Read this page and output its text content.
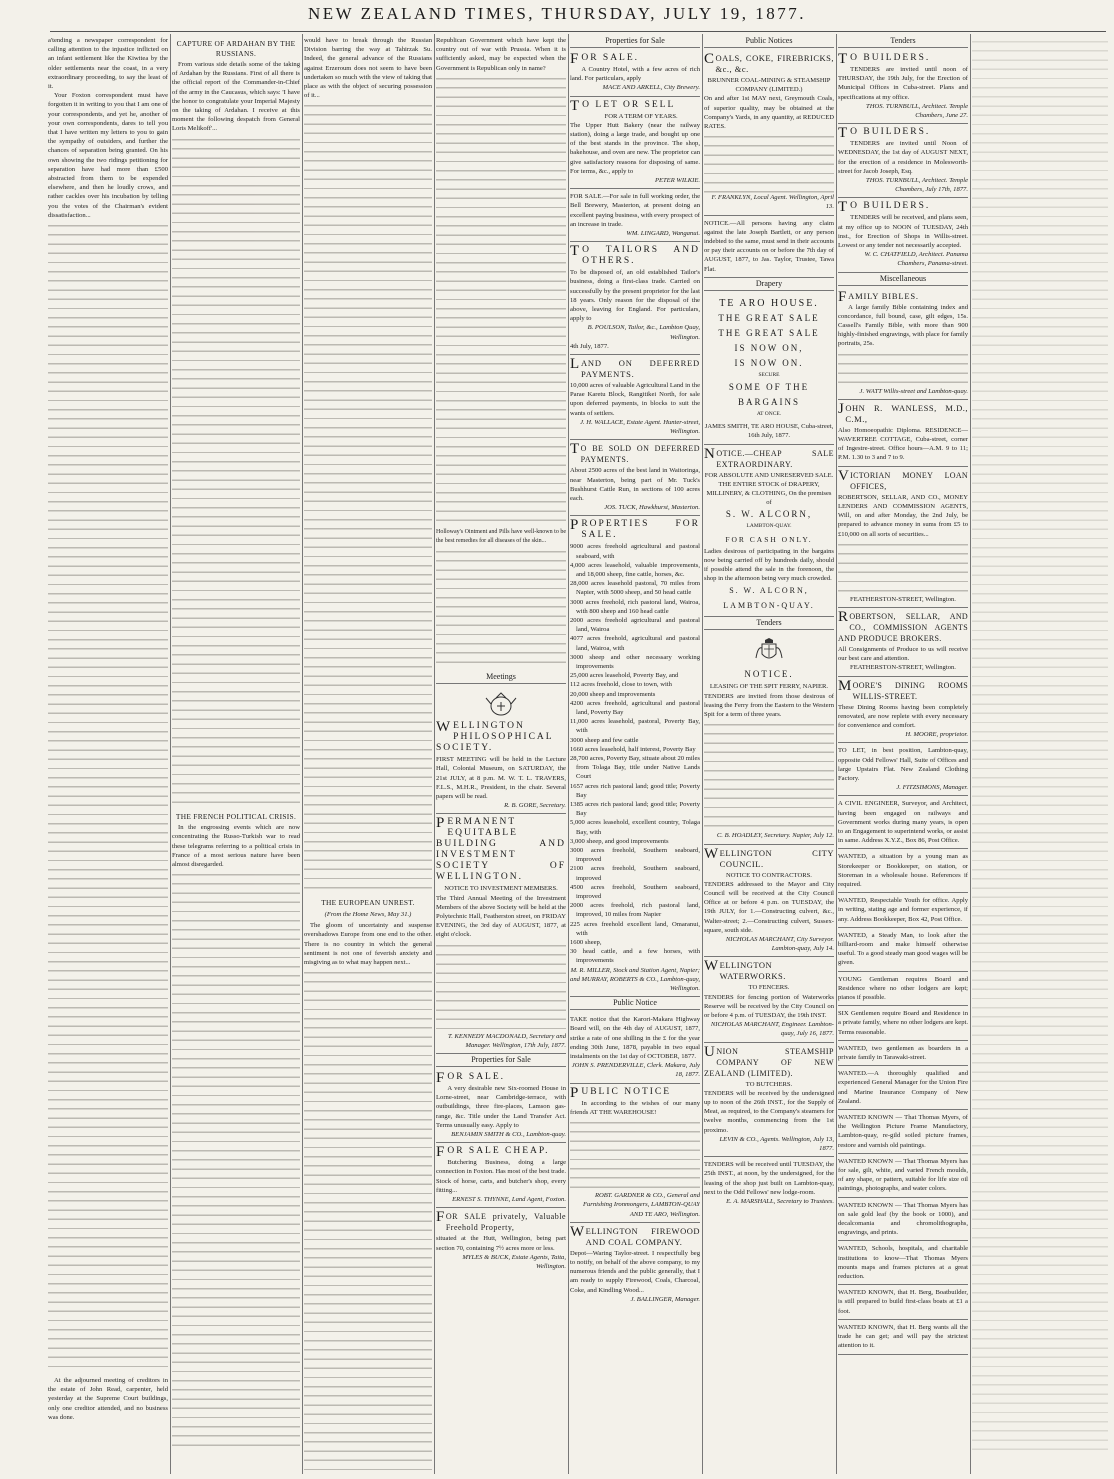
NEW ZEALAND TIMES, THURSDAY, JULY 19, 1877.

a'tending a newspaper correspondent for calling attention to the injustice inflicted on an infant settlement like the Kiwitea by the older settlements near the coast, in a very extraordinary proceeding, to say the least of it.

Your Foxton correspondent must have forgotten it in writing to you that I am one of your correspondents, and yet he, another of your own correspondents, dares to tell you that I have written my letters to you to gain the sympathy of outsiders, and further the chances of separation being granted. On his own showing the two ridings petitioning for separation have had more than £500 abstracted from them to be expended elsewhere, and then he loudly crows, and rather cackles over his incubation by telling you the votes of the Chairman's evident dissatisfaction...

At the adjourned meeting of creditors in the estate of John Read, carpenter, held yesterday at the Supreme Court buildings, only one creditor attended, and no business was done.

CAPTURE OF ARDAHAN BY THE RUSSIANS.

From various side details some of the taking of Ardahan by the Russians. First of all there is the official report of the Commander-in-Chief of the army in the Caucasus, which says: 'I have the honor to congratulate your Imperial Majesty on the taking of Ardahan. I receive at this moment the following despatch from General Loris Melikoff'...

THE FRENCH POLITICAL CRISIS.

In the engrossing events which are now concentrating the Russo-Turkish war to read these telegrams referring to a political crisis in France of a most serious nature have been almost disregarded.

would have to break through the Russian Division barring the way at Tahirzak Su. Indeed, the general advance of the Russians against Erzeroum does not seem to have been undertaken so much with the view of taking that place as with the object of securing possession of it...

THE EUROPEAN UNREST.
(From the Home News, May 31.)

The gloom of uncertainty and suspense overshadows Europe from one end to the other. There is no country in which the general sentiment is not one of feverish anxiety and misgiving as to what may happen next...

Republican Government which have kept the country out of war with Prussia. When it is sufficiently asked, may be expected when the Government is Republican only in name?

Holloway's Ointment and Pills have well-known to be the best remedies for all diseases of the skin...

Meetings
WELLINGTON PHILOSOPHICAL SOCIETY.
FIRST MEETING will be held in the Lecture Hall, Colonial Museum, on SATURDAY, the 21st JULY, at 8 p.m. M. W. T. L. TRAVERS, F.L.S., M.H.R., President, in the chair. Several papers will be read.
R. B. GORE, Secretary.
PERMANENT EQUITABLE BUILDING AND INVESTMENT SOCIETY OF WELLINGTON.
NOTICE TO INVESTMENT MEMBERS.
The Third Annual Meeting of the Investment Members of the above Society will be held at the Polytechnic Hall, Featherston street, on FRIDAY EVENING, the 3rd day of AUGUST, 1877, at eight o'clock.
T. KENNEDY MACDONALD, Secretary and Manager. Wellington, 17th July, 1877.
Properties for Sale
FOR SALE.
A very desirable new Six-roomed House in Lorne-street, near Cambridge-terrace, with outbuildings, three fire-places, Lamson gas-range, &c. Title under the Land Transfer Act. Terms unusually easy. Apply to
BENJAMIN SMITH & CO., Lambton-quay.
FOR SALE CHEAP.
Butchering Business, doing a large connection in Foxton. Has most of the best trade. Stock of horse, carts, and butcher's shop, every fitting...
ERNEST S. THYNNE, Land Agent, Foxton.
FOR SALE privately, Valuable Freehold Property,
situated at the Hutt, Wellington, being part section 70, containing 7½ acres more or less.
MYLES & BUCK, Estate Agents, Taita, Wellington.
Properties for Sale
FOR SALE.
A Country Hotel, with a few acres of rich land. For particulars, apply
MACE AND ARKELL, City Brewery.
TO LET OR SELL
FOR A TERM OF YEARS.
The Upper Hutt Bakery (near the railway station), doing a large trade, and bought up one of the best stands in the province. The shop, bakehouse, and oven are new. The proprietor can give satisfactory reasons for disposing of same. For terms, &c., apply to
PETER WILKIE.
FOR SALE.—For sale in full working order, the Bell Brewery, Masterton, at present doing an excellent paying business, with every prospect of an increase in trade.
WM. LINGARD, Wanganui.
TO TAILORS AND OTHERS.
To be disposed of, an old established Tailor's business, doing a first-class trade. Carried on successfully by the present proprietor for the last 18 years. Only reason for the disposal of the above, leaving for England. For particulars, apply to
B. POULSON, Tailor, &c., Lambton Quay, Wellington.
4th July, 1877.
LAND ON DEFERRED PAYMENTS.
10,000 acres of valuable Agricultural Land in the Parae Karetu Block, Rangitikei North, for sale upon deferred payments, in blocks to suit the wants of settlers.
J. H. WALLACE, Estate Agent. Hunter-street, Wellington.
TO BE SOLD ON DEFERRED PAYMENTS.
About 2500 acres of the best land in Waitoringa, near Masterton, being part of Mr. Tuck's Bushhurst Cattle Run, in sections of 100 acres each.
JOS. TUCK, Hawkhurst, Masterton.
PROPERTIES FOR SALE.
9000 acres freehold agricultural and pastoral seaboard, with
4,000 acres leasehold, valuable improvements, and 18,000 sheep, fine cattle, horses, &c.
28,000 acres leasehold pastoral, 70 miles from Napier, with 5000 sheep, and 50 head cattle
3000 acres freehold, rich pastoral land, Wairoa, with 800 sheep and 160 head cattle
2000 acres freehold agricultural and pastoral land, Wairoa
4077 acres freehold, agricultural and pastoral land, Wairoa, with
3000 sheep and other necessary working improvements
25,000 acres leasehold, Poverty Bay, and
112 acres freehold, close to town, with
20,000 sheep and improvements
4200 acres freehold, agricultural and pastoral land, Poverty Bay
11,000 acres leasehold, pastoral, Poverty Bay, with
3000 sheep and few cattle
1660 acres leasehold, half interest, Poverty Bay
28,700 acres, Poverty Bay, situate about 20 miles from Tolaga Bay, title under Native Lands Court
1657 acres rich pastoral land; good title; Poverty Bay
1385 acres rich pastoral land; good title; Poverty Bay
5,000 acres leasehold, excellent country, Tolaga Bay, with
3,000 sheep, and good improvements
3000 acres freehold, Southern seaboard, improved
2100 acres freehold, Southern seaboard, improved
4500 acres freehold, Southern seaboard, improved
2000 acres freehold, rich pastoral land, improved, 10 miles from Napier
225 acres freehold excellent land, Omaranui, with
1600 sheep,
30 head cattle, and a few horses, with improvements
M. R. MILLER, Stock and Station Agent, Napier; and MURRAY, ROBERTS & CO., Lambton-quay, Wellington.
Public Notice
TAKE notice that the Karori-Makara Highway Board will, on the 4th day of AUGUST, 1877, strike a rate of one shilling in the £ for the year ending 30th June, 1878, payable in two equal instalments on the 1st day of OCTOBER, 1877.
JOHN S. PRENDERVILLE, Clerk. Makara, July 18, 1877.
PUBLIC NOTICE
In according to the wishes of our many friends AT THE WAREHOUSE!
ROBT. GARDNER & CO., General and Furnishing Ironmongers, LAMBTON-QUAY AND TE ARO, Wellington.
WELLINGTON FIREWOOD AND COAL COMPANY.
Depot—Waring Taylor-street. I respectfully beg to notify, on behalf of the above company, to my numerous friends and the public generally, that I am ready to supply Firewood, Coals, Charcoal, Coke, and Kindling Wood...
J. BALLINGER, Manager.
Public Notices
COALS, COKE, FIREBRICKS, &c., &c.
BRUNNER COAL-MINING & STEAMSHIP COMPANY (LIMITED.)
On and after 1st MAY next, Greymouth Coals, of superior quality, may be obtained at the Company's Yards, in any quantity, at REDUCED RATES.
F. FRANKLYN, Local Agent. Wellington, April 13.
NOTICE.—All persons having any claim against the late Joseph Bartlett, or any person indebted to the same, must send in their accounts or pay their accounts on or before the 7th day of AUGUST, 1877, to Jas. Taylor, Trustee, Tawa Flat.
Drapery
TE ARO HOUSE.
THE GREAT SALE
THE GREAT SALE
IS NOW ON,
IS NOW ON.
SECURE
SOME OF THE BARGAINS
AT ONCE.
JAMES SMITH, TE ARO HOUSE, Cuba-street, 16th July, 1877.
NOTICE.—CHEAP SALE EXTRAORDINARY.
FOR ABSOLUTE AND UNRESERVED SALE. THE ENTIRE STOCK of DRAPERY, MILLINERY, & CLOTHING, On the premises of
S. W. ALCORN,
LAMBTON-QUAY.
FOR CASH ONLY.
Ladies desirous of participating in the bargains now being carried off by hundreds daily, should if possible attend the sale in the forenoon, the shop in the afternoon being very much crowded.
S. W. ALCORN, LAMBTON-QUAY.
Tenders
NOTICE.
LEASING OF THE SPIT FERRY, NAPIER.
TENDERS are invited from those desirous of leasing the Ferry from the Eastern to the Western Spit for a term of three years.
C. B. HOADLEY, Secretary. Napier, July 12.
WELLINGTON CITY COUNCIL.
NOTICE TO CONTRACTORS.
TENDERS addressed to the Mayor and City Council will be received at the City Council Office at or before 4 p.m. on TUESDAY, the 19th JULY, for 1.—Constructing culvert, &c., Walter-street; 2.—Constructing culvert, Sussex-square, south side.
NICHOLAS MARCHANT, City Surveyor. Lambton-quay, July 14.
WELLINGTON WATERWORKS.
TO FENCERS.
TENDERS for fencing portion of Waterworks Reserve will be received by the City Council on or before 4 p.m. of TUESDAY, the 19th INST.
NICHOLAS MARCHANT, Engineer. Lambton-quay, July 16, 1877.
UNION STEAMSHIP COMPANY OF NEW ZEALAND (LIMITED).
TO BUTCHERS.
TENDERS will be received by the undersigned up to noon of the 26th INST., for the Supply of Meat, as required, to the Company's steamers for twelve months, commencing from the 1st proximo.
LEVIN & CO., Agents. Wellington, July 13, 1877.
TENDERS will be received until TUESDAY, the 25th INST., at noon, by the undersigned, for the leasing of the shop just built on Lambton-quay, next to the Odd Fellows' new lodge-room.
E. A. MARSHALL, Secretary to Trustees.
Tenders
TO BUILDERS.
TENDERS are invited until noon of THURSDAY, the 19th July, for the Erection of Municipal Offices in Cuba-street. Plans and specifications at my office.
THOS. TURNBULL, Architect. Temple Chambers, June 27.
TO BUILDERS.
TENDERS are invited until Noon of WEDNESDAY, the 1st day of AUGUST NEXT, for the erection of a residence in Molesworth-street for Jacob Joseph, Esq.
THOS. TURNBULL, Architect. Temple Chambers, July 17th, 1877.
TO BUILDERS.
TENDERS will be received, and plans seen, at my office up to NOON of TUESDAY, 24th inst., for Erection of Shops in Willis-street. Lowest or any tender not necessarily accepted.
W. C. CHATFIELD, Architect. Panama Chambers, Panama-street.
Miscellaneous
FAMILY BIBLES.
A large family Bible containing index and concordance, full bound, case, gilt edges, 15s. Cassell's Family Bible, with more than 900 highly-finished engravings, with place for family portraits, 25s.
J. WATT Willis-street and Lambton-quay.
JOHN R. WANLESS, M.D., C.M.,
Also Homoeopathic Diploma. RESIDENCE—WAVERTREE COTTAGE, Cuba-street, corner of Ingestre-street. Office hours—A.M. 9 to 11; P.M. 1.30 to 3 and 7 to 9.
VICTORIAN MONEY LOAN OFFICES,
ROBERTSON, SELLAR, AND CO., MONEY LENDERS AND COMMISSION AGENTS, Will, on and after Monday, the 2nd July, be prepared to advance money in sums from £5 to £10,000 on all sorts of securities...
FEATHERSTON-STREET, Wellington.
ROBERTSON, SELLAR, AND CO., COMMISSION AGENTS AND PRODUCE BROKERS.
All Consignments of Produce to us will receive our best care and attention.
FEATHERSTON-STREET, Wellington.
MOORE'S DINING ROOMS WILLIS-STREET.
These Dining Rooms having been completely renovated, are now replete with every necessary for convenience and comfort.
H. MOORE, proprietor.
TO LET, in best position, Lambton-quay, opposite Odd Fellows' Hall, Suite of Offices and large Upstairs Flat. New Zealand Clothing Factory.
J. FITZSIMONS, Manager.
A CIVIL ENGINEER, Surveyor, and Architect, having been engaged on railways and Government works during many years, is open to an Engagement to superintend works, or assist in same. Address X.Y.Z., Box 86, Post Office.
WANTED, a situation by a young man as Storekeeper or Bookkeeper, on station, or Storeman in a wholesale house. References if required.
WANTED, Respectable Youth for office. Apply in writing, stating age and former experience, if any. Address Bookkeeper, Box 42, Post Office.
WANTED, a Steady Man, to look after the billiard-room and make himself otherwise useful. To a good steady man good wages will be given.
YOUNG Gentleman requires Board and Residence where no other lodgers are kept; pianos if possible.
SIX Gentlemen require Board and Residence in a private family, where no other lodgers are kept. Terms reasonable.
WANTED, two gentlemen as boarders in a private family in Tarawaki-street.
WANTED.—A thoroughly qualified and experienced General Manager for the Union Fire and Marine Insurance Company of New Zealand.
WANTED KNOWN — That Thomas Myers, of the Wellington Picture Frame Manufactory, Lambton-quay, re-gild soiled picture frames, restore and varnish old paintings.
WANTED KNOWN — That Thomas Myers has for sale, gilt, white, and varied French moulds, of any shape, or pattern, suitable for life size oil paintings, photographs, and water colors.
WANTED KNOWN — That Thomas Myers has on sale gold leaf (by the book or 1000), and decalcomania and chromolithographs, engravings, and prints.
WANTED, Schools, hospitals, and charitable institutions to know—That Thomas Myers mounts maps and frames pictures at a great reduction.
WANTED KNOWN, that H. Berg, Boatbuilder, is still prepared to build first-class boats at £1 a foot.
WANTED KNOWN, that H. Berg wants all the trade he can get; and will pay the strictest attention to it.
